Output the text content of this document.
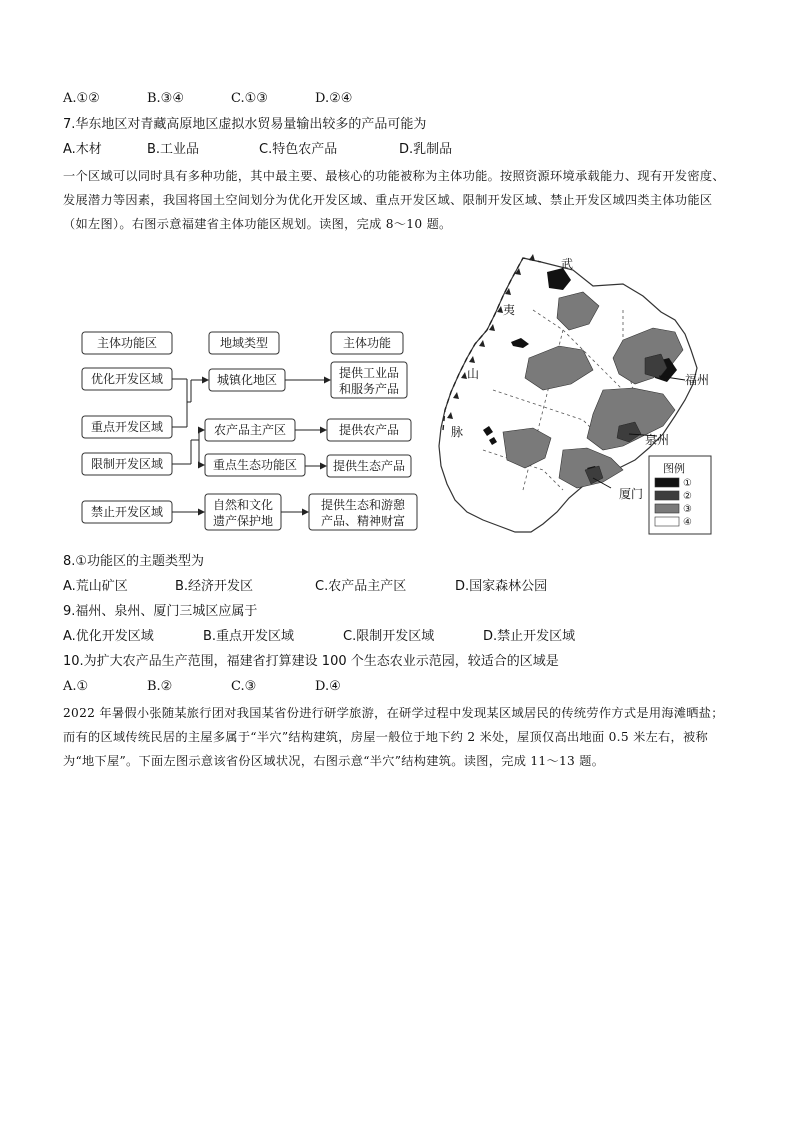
A.①②	B.③④	C.①③	D.②④
7.华东地区对青藏高原地区虚拟水贸易量输出较多的产品可能为
A.木材	B.工业品	C.特色农产品	D.乳制品
一个区域可以同时具有多种功能，其中最主要、最核心的功能被称为主体功能。按照资源环境承载能力、现有开发密度、发展潜力等因素，我国将国土空间划分为优化开发区域、重点开发区域、限制开发区域、禁止开发区域四类主体功能区（如左图）。右图示意福建省主体功能区规划。读图，完成 8～10 题。
主体功能区	地域类型	主体功能
优化开发区域
重点开发区域
限制开发区域
禁止开发区域
城镇化地区
农产品主产区
重点生态功能区
自然和文化
遗产保护地
提供工业品
和服务产品
提供农产品
提供生态产品
提供生态和游憩
产品、精神财富
武
夷
山
脉
福州
泉州
厦门
图例
①
②
③
④
8.①功能区的主题类型为
A.荒山矿区	B.经济开发区	C.农产品主产区	D.国家森林公园
9.福州、泉州、厦门三城区应属于
A.优化开发区域	B.重点开发区域	C.限制开发区域	D.禁止开发区域
10.为扩大农产品生产范围，福建省打算建设 100 个生态农业示范园，较适合的区域是
A.①	B.②	C.③	D.④
2022 年暑假小张随某旅行团对我国某省份进行研学旅游，在研学过程中发现某区域居民的传统劳作方式是用海滩晒盐；而有的区域传统民居的主屋多属于“半穴”结构建筑，房屋一般位于地下约 2 米处，屋顶仅高出地面 0.5 米左右，被称为“地下屋”。下面左图示意该省份区域状况，右图示意“半穴”结构建筑。读图，完成 11～13 题。
